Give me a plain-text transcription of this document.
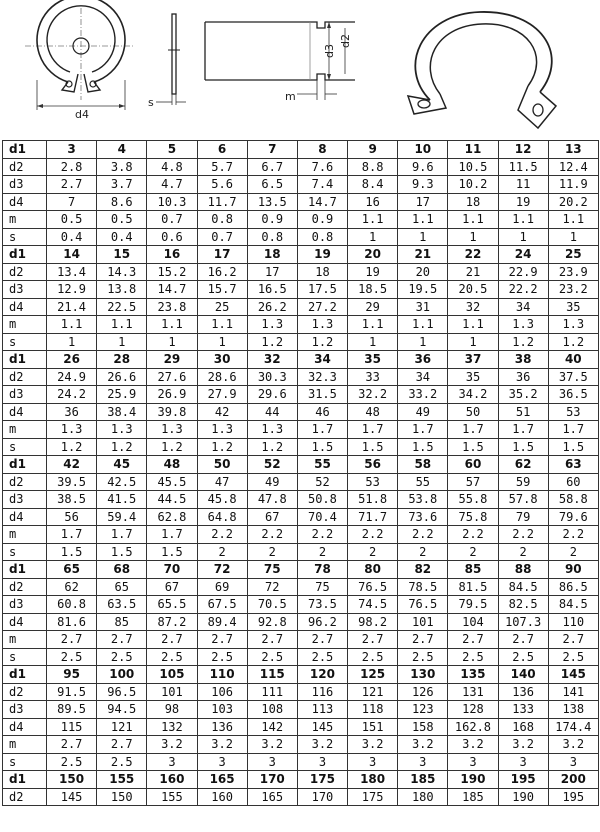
d4
s
d3
d2
m
d1	3	4	5	6	7	8	9	10	11	12	13
d2	2.8	3.8	4.8	5.7	6.7	7.6	8.8	9.6	10.5	11.5	12.4
d3	2.7	3.7	4.7	5.6	6.5	7.4	8.4	9.3	10.2	11	11.9
d4	7	8.6	10.3	11.7	13.5	14.7	16	17	18	19	20.2
m	0.5	0.5	0.7	0.8	0.9	0.9	1.1	1.1	1.1	1.1	1.1
s	0.4	0.4	0.6	0.7	0.8	0.8	1	1	1	1	1
d1	14	15	16	17	18	19	20	21	22	24	25
d2	13.4	14.3	15.2	16.2	17	18	19	20	21	22.9	23.9
d3	12.9	13.8	14.7	15.7	16.5	17.5	18.5	19.5	20.5	22.2	23.2
d4	21.4	22.5	23.8	25	26.2	27.2	29	31	32	34	35
m	1.1	1.1	1.1	1.1	1.3	1.3	1.1	1.1	1.1	1.3	1.3
s	1	1	1	1	1.2	1.2	1	1	1	1.2	1.2
d1	26	28	29	30	32	34	35	36	37	38	40
d2	24.9	26.6	27.6	28.6	30.3	32.3	33	34	35	36	37.5
d3	24.2	25.9	26.9	27.9	29.6	31.5	32.2	33.2	34.2	35.2	36.5
d4	36	38.4	39.8	42	44	46	48	49	50	51	53
m	1.3	1.3	1.3	1.3	1.3	1.7	1.7	1.7	1.7	1.7	1.7
s	1.2	1.2	1.2	1.2	1.2	1.5	1.5	1.5	1.5	1.5	1.5
d1	42	45	48	50	52	55	56	58	60	62	63
d2	39.5	42.5	45.5	47	49	52	53	55	57	59	60
d3	38.5	41.5	44.5	45.8	47.8	50.8	51.8	53.8	55.8	57.8	58.8
d4	56	59.4	62.8	64.8	67	70.4	71.7	73.6	75.8	79	79.6
m	1.7	1.7	1.7	2.2	2.2	2.2	2.2	2.2	2.2	2.2	2.2
s	1.5	1.5	1.5	2	2	2	2	2	2	2	2
d1	65	68	70	72	75	78	80	82	85	88	90
d2	62	65	67	69	72	75	76.5	78.5	81.5	84.5	86.5
d3	60.8	63.5	65.5	67.5	70.5	73.5	74.5	76.5	79.5	82.5	84.5
d4	81.6	85	87.2	89.4	92.8	96.2	98.2	101	104	107.3	110
m	2.7	2.7	2.7	2.7	2.7	2.7	2.7	2.7	2.7	2.7	2.7
s	2.5	2.5	2.5	2.5	2.5	2.5	2.5	2.5	2.5	2.5	2.5
d1	95	100	105	110	115	120	125	130	135	140	145
d2	91.5	96.5	101	106	111	116	121	126	131	136	141
d3	89.5	94.5	98	103	108	113	118	123	128	133	138
d4	115	121	132	136	142	145	151	158	162.8	168	174.4
m	2.7	2.7	3.2	3.2	3.2	3.2	3.2	3.2	3.2	3.2	3.2
s	2.5	2.5	3	3	3	3	3	3	3	3	3
d1	150	155	160	165	170	175	180	185	190	195	200
d2	145	150	155	160	165	170	175	180	185	190	195
